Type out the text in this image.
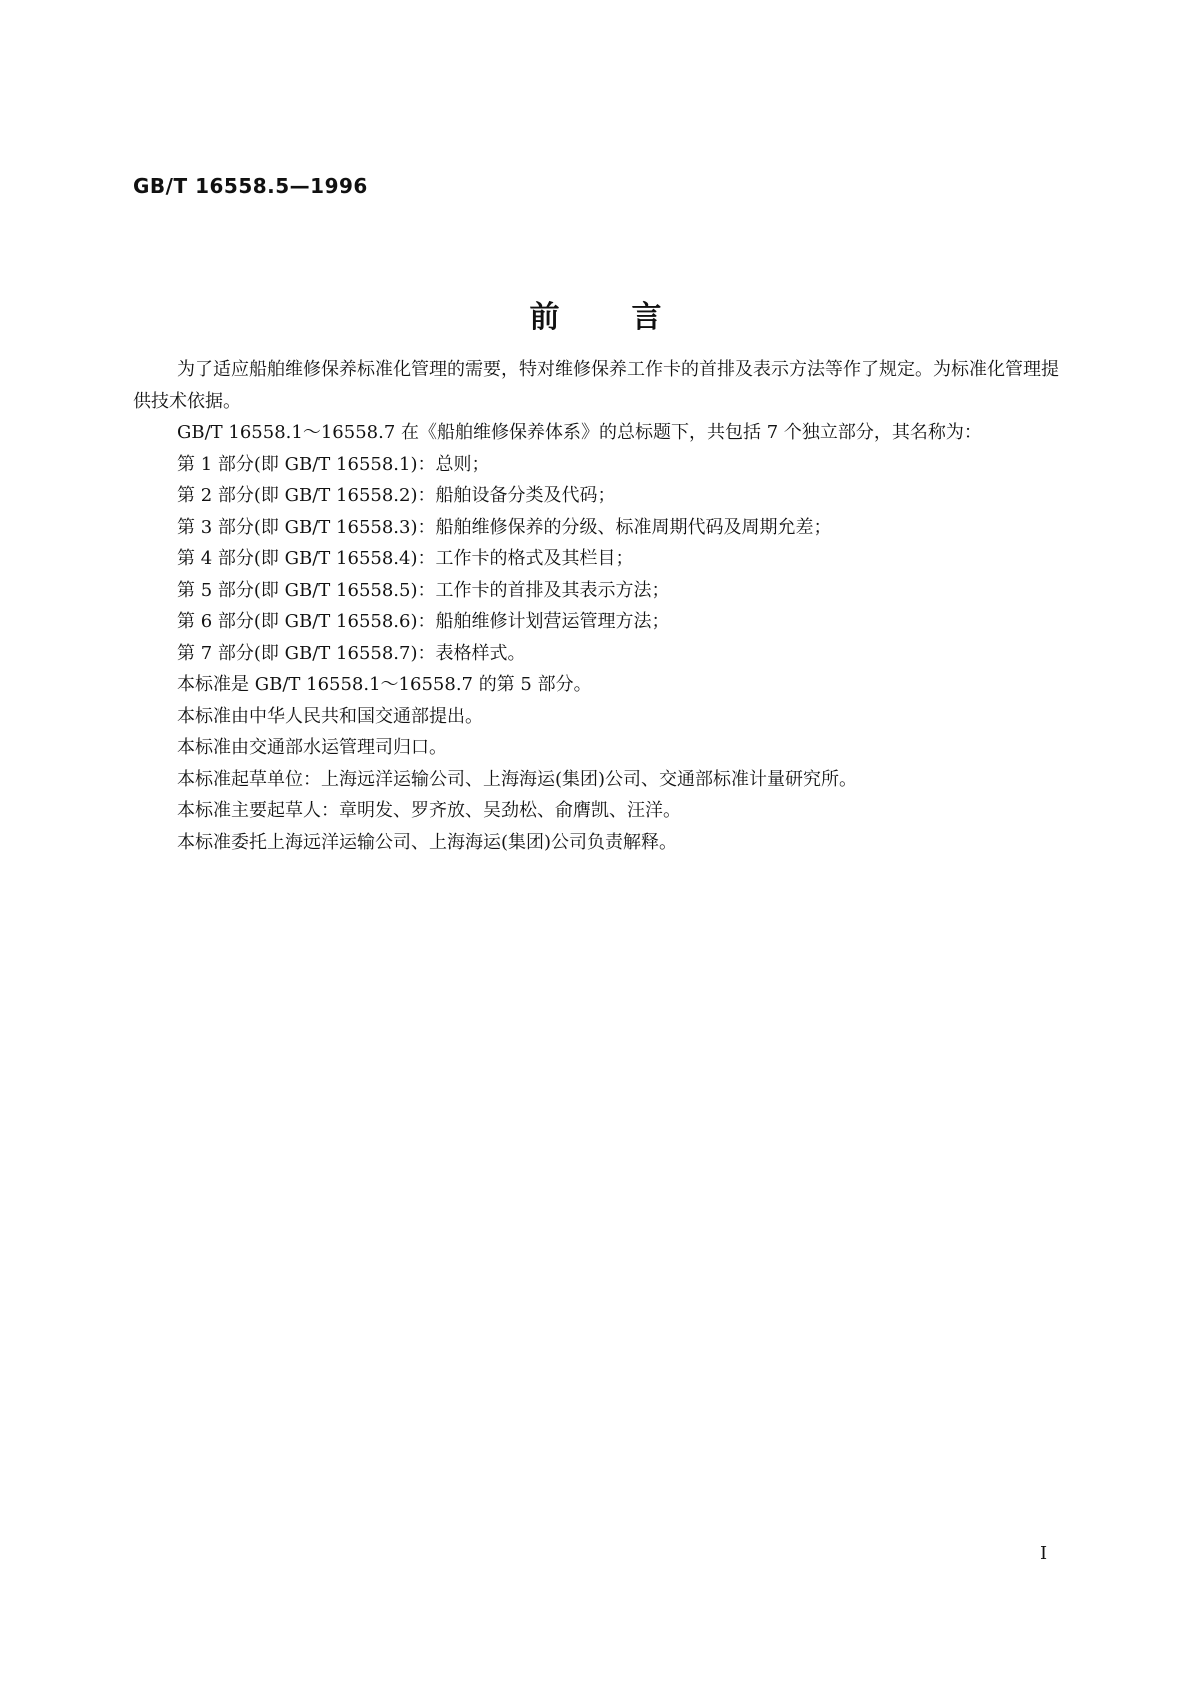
GB/T 16558.5—1996
前言

为了适应船舶维修保养标准化管理的需要，特对维修保养工作卡的首排及表示方法等作了规定。为标准化管理提供技术依据。

GB/T 16558.1～16558.7 在《船舶维修保养体系》的总标题下，共包括 7 个独立部分，其名称为：

第 1 部分(即 GB/T 16558.1)：总则；

第 2 部分(即 GB/T 16558.2)：船舶设备分类及代码；

第 3 部分(即 GB/T 16558.3)：船舶维修保养的分级、标准周期代码及周期允差；

第 4 部分(即 GB/T 16558.4)：工作卡的格式及其栏目；

第 5 部分(即 GB/T 16558.5)：工作卡的首排及其表示方法；

第 6 部分(即 GB/T 16558.6)：船舶维修计划营运管理方法；

第 7 部分(即 GB/T 16558.7)：表格样式。

本标准是 GB/T 16558.1～16558.7 的第 5 部分。

本标准由中华人民共和国交通部提出。

本标准由交通部水运管理司归口。

本标准起草单位：上海远洋运输公司、上海海运(集团)公司、交通部标准计量研究所。

本标准主要起草人：章明发、罗齐放、吴劲松、俞膺凯、汪洋。

本标准委托上海远洋运输公司、上海海运(集团)公司负责解释。

I
